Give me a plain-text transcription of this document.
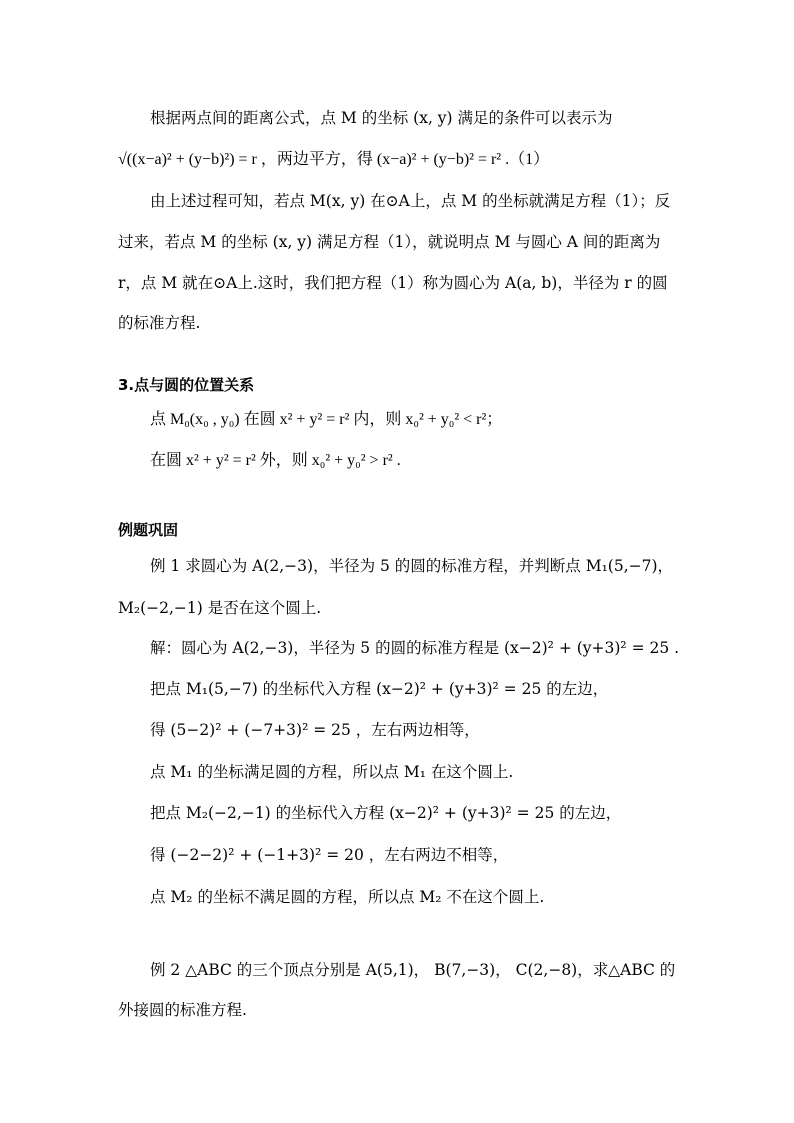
根据两点间的距离公式，点 M 的坐标 (x, y) 满足的条件可以表示为
√((x−a)² + (y−b)²) = r ，两边平方，得 (x−a)² + (y−b)² = r² .（1）
由上述过程可知，若点 M(x, y) 在⊙A上，点 M 的坐标就满足方程（1）；反
过来，若点 M 的坐标 (x, y) 满足方程（1），就说明点 M 与圆心 A 间的距离为
r，点 M 就在⊙A上.这时，我们把方程（1）称为圆心为 A(a, b)，半径为 r 的圆
的标准方程.
3.点与圆的位置关系
点 M₀(x₀ , y₀) 在圆 x² + y² = r² 内，则 x₀² + y₀² < r²；
在圆 x² + y² = r² 外，则 x₀² + y₀² > r² .
例题巩固
例 1 求圆心为 A(2,−3)，半径为 5 的圆的标准方程，并判断点 M₁(5,−7)，
M₂(−2,−1) 是否在这个圆上.
解：圆心为 A(2,−3)，半径为 5 的圆的标准方程是 (x−2)² + (y+3)² = 25 .
把点 M₁(5,−7) 的坐标代入方程 (x−2)² + (y+3)² = 25 的左边，
得 (5−2)² + (−7+3)² = 25 ，左右两边相等，
点 M₁ 的坐标满足圆的方程，所以点 M₁ 在这个圆上.
把点 M₂(−2,−1) 的坐标代入方程 (x−2)² + (y+3)² = 25 的左边，
得 (−2−2)² + (−1+3)² = 20 ，左右两边不相等，
点 M₂ 的坐标不满足圆的方程，所以点 M₂ 不在这个圆上.
例 2 △ABC 的三个顶点分别是 A(5,1)， B(7,−3)， C(2,−8)，求△ABC 的
外接圆的标准方程.
